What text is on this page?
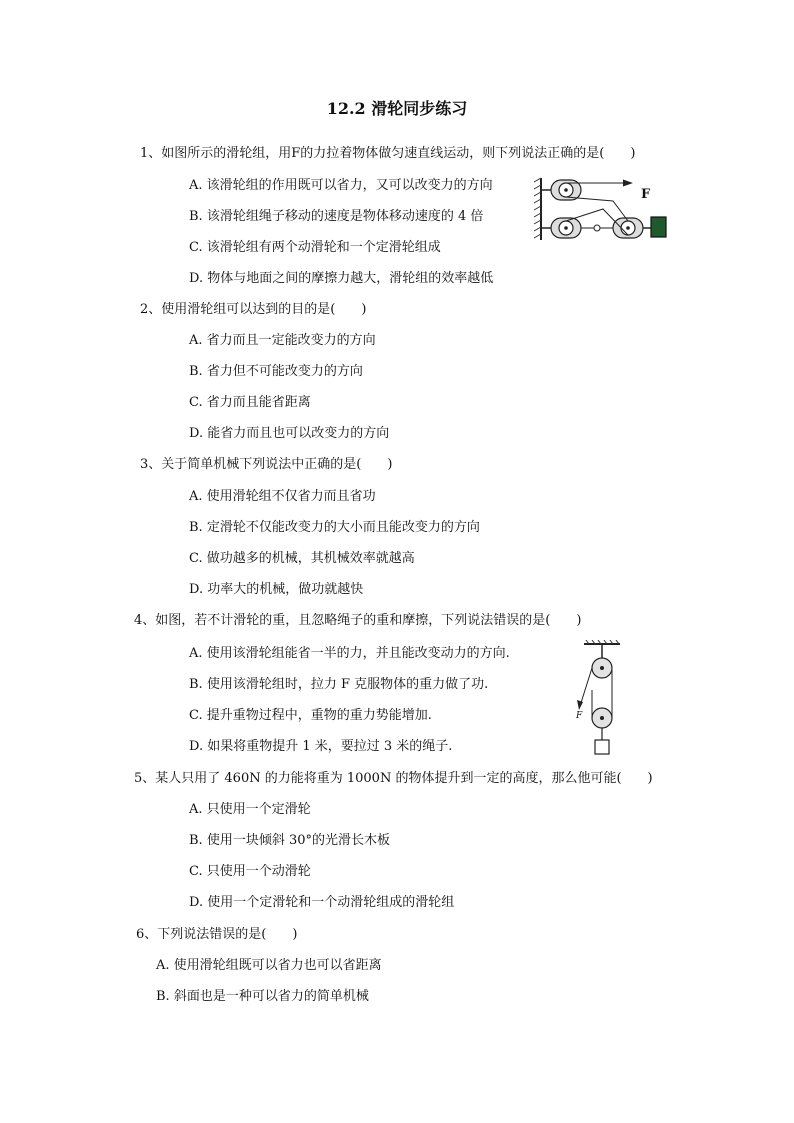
12.2 滑轮同步练习
1、如图所示的滑轮组，用F的力拉着物体做匀速直线运动，则下列说法正确的是(　　)
A. 该滑轮组的作用既可以省力，又可以改变力的方向
B. 该滑轮组绳子移动的速度是物体移动速度的 4 倍
C. 该滑轮组有两个动滑轮和一个定滑轮组成
D. 物体与地面之间的摩擦力越大，滑轮组的效率越低
F
2、使用滑轮组可以达到的目的是(　　)
A. 省力而且一定能改变力的方向
B. 省力但不可能改变力的方向
C. 省力而且能省距离
D. 能省力而且也可以改变力的方向
3、关于简单机械下列说法中正确的是(　　)
A. 使用滑轮组不仅省力而且省功
B. 定滑轮不仅能改变力的大小而且能改变力的方向
C. 做功越多的机械，其机械效率就越高
D. 功率大的机械，做功就越快
4、如图，若不计滑轮的重，且忽略绳子的重和摩擦，下列说法错误的是(　　)
A. 使用该滑轮组能省一半的力，并且能改变动力的方向.
B. 使用该滑轮组时，拉力 F 克服物体的重力做了功.
C. 提升重物过程中，重物的重力势能增加.
D. 如果将重物提升 1 米，要拉过 3 米的绳子.
F
5、某人只用了 460N 的力能将重为 1000N 的物体提升到一定的高度，那么他可能(　　)
A. 只使用一个定滑轮
B. 使用一块倾斜 30°的光滑长木板
C. 只使用一个动滑轮
D. 使用一个定滑轮和一个动滑轮组成的滑轮组
6、下列说法错误的是(　　)
A. 使用滑轮组既可以省力也可以省距离
B. 斜面也是一种可以省力的简单机械
